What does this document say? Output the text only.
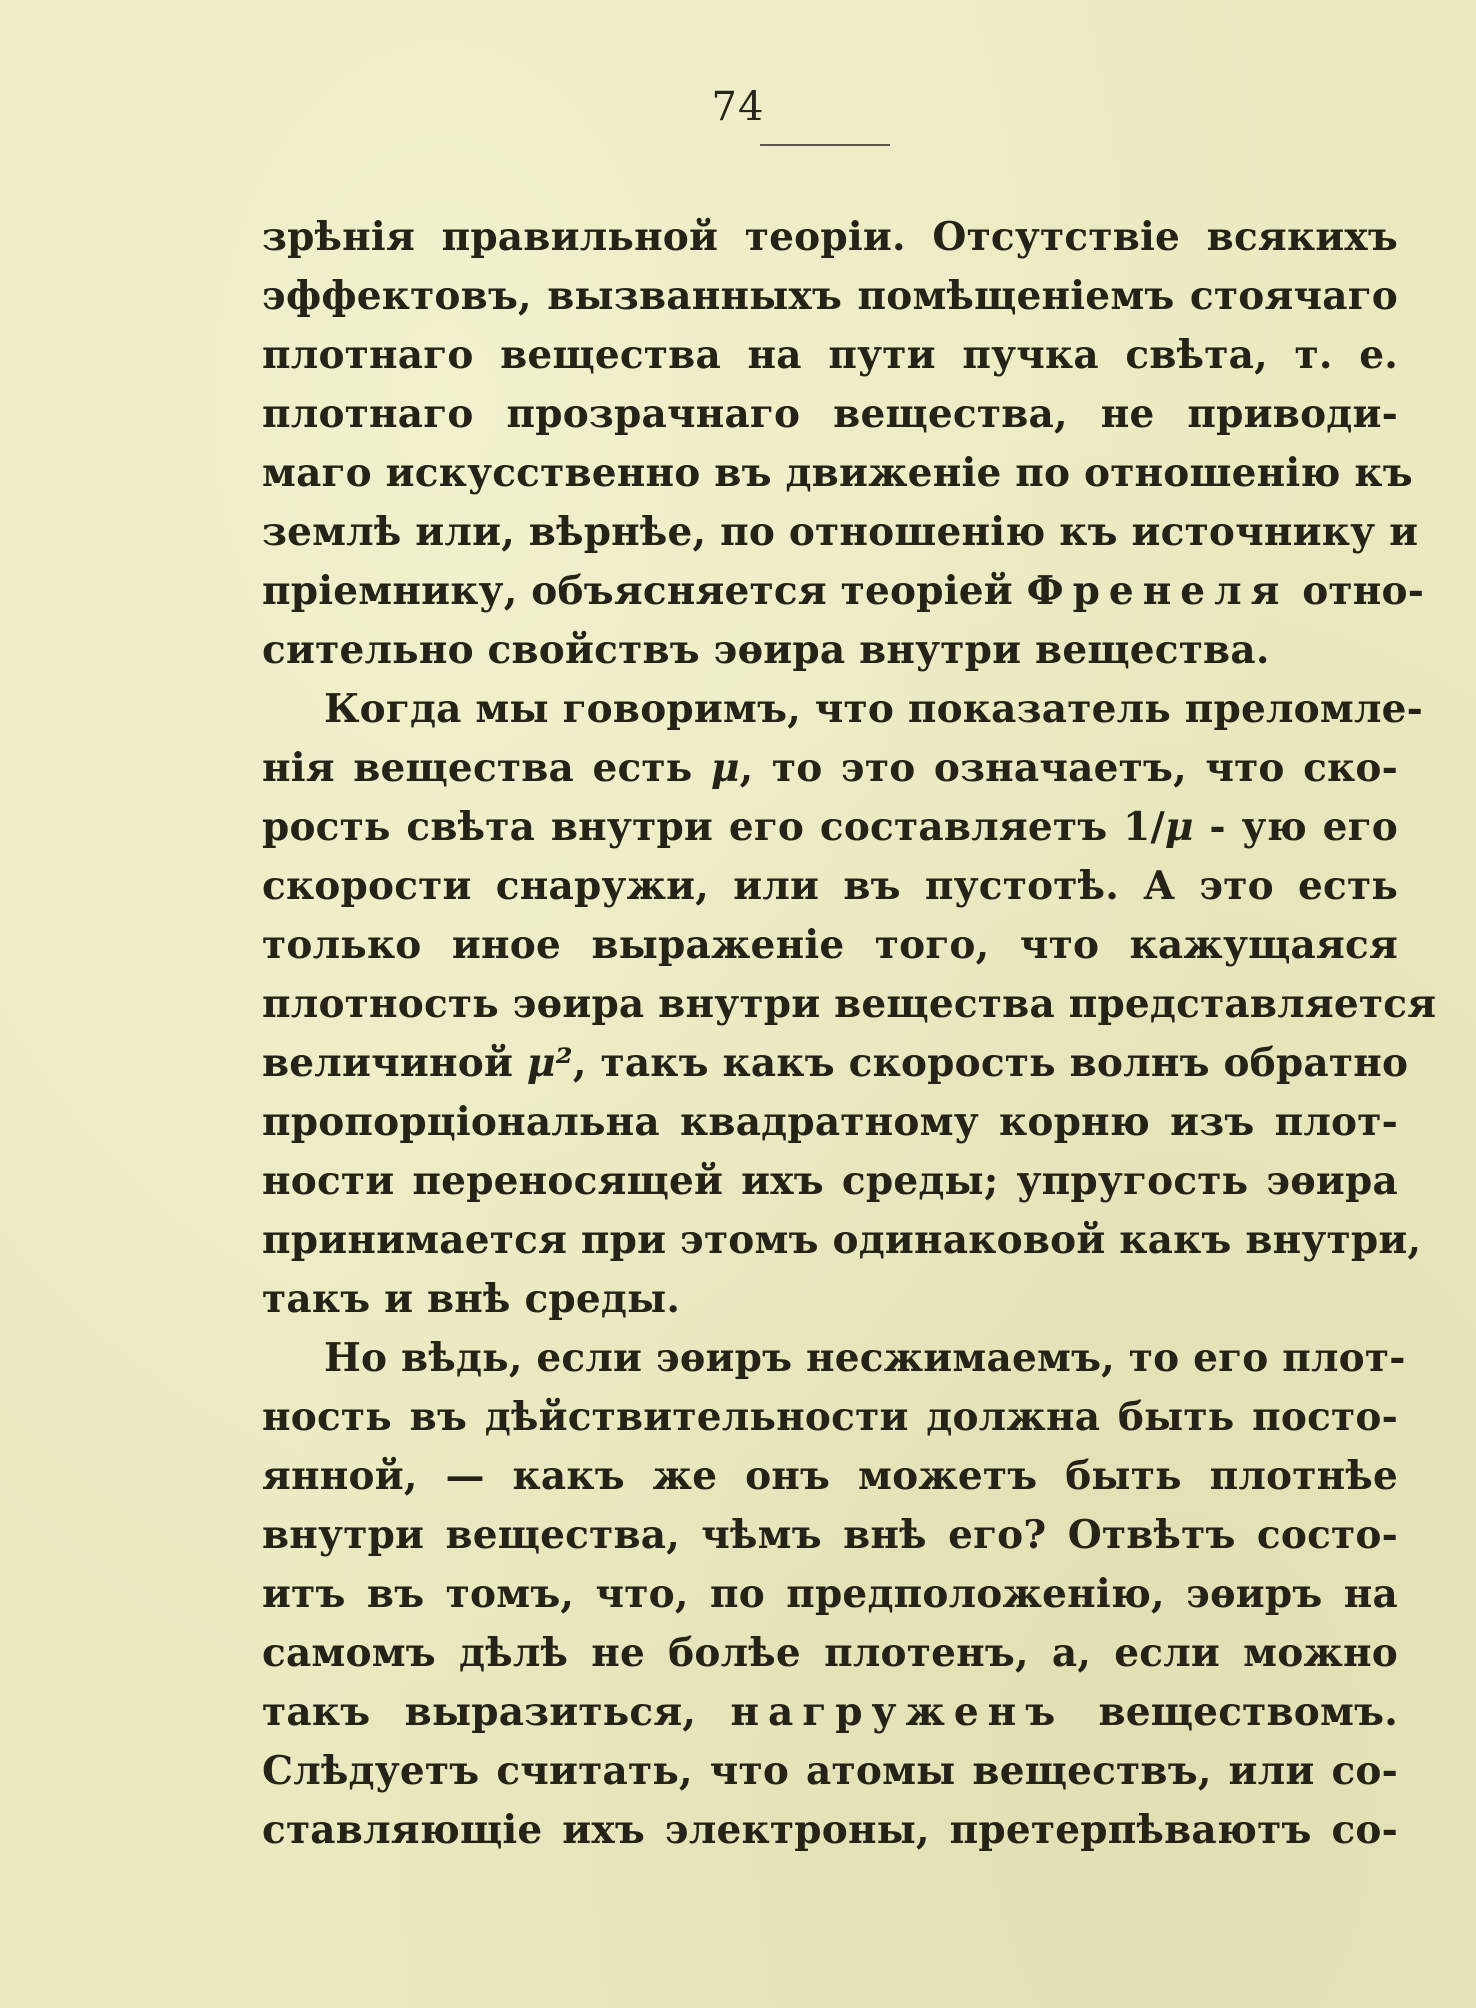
74
зрѣнія правильной теоріи. Отсутствіе всякихъ
эффектовъ, вызванныхъ помѣщеніемъ стоячаго
плотнаго вещества на пути пучка свѣта, т. е.
плотнаго прозрачнаго вещества, не приводи-
маго искусственно въ движеніе по отношенію къ
землѣ или, вѣрнѣе, по отношенію къ источнику и
пріемнику, объясняется теоріей Френеля отно-
сительно свойствъ эѳира внутри вещества.
Когда мы говоримъ, что показатель преломле-
нія вещества есть μ, то это означаетъ, что ско-
рость свѣта внутри его составляетъ 1/μ - ую его
скорости снаружи, или въ пустотѣ. А это есть
только иное выраженіе того, что кажущаяся
плотность эѳира внутри вещества представляется
величиной μ², такъ какъ скорость волнъ обратно
пропорціональна квадратному корню изъ плот-
ности переносящей ихъ среды; упругость эѳира
принимается при этомъ одинаковой какъ внутри,
такъ и внѣ среды.
Но вѣдь, если эѳиръ несжимаемъ, то его плот-
ность въ дѣйствительности должна быть посто-
янной, — какъ же онъ можетъ быть плотнѣе
внутри вещества, чѣмъ внѣ его? Отвѣтъ состо-
итъ въ томъ, что, по предположенію, эѳиръ на
самомъ дѣлѣ не болѣе плотенъ, а, если можно
такъ выразиться, нагруженъ веществомъ.
Слѣдуетъ считать, что атомы веществъ, или со-
ставляющіе ихъ электроны, претерпѣваютъ со-
